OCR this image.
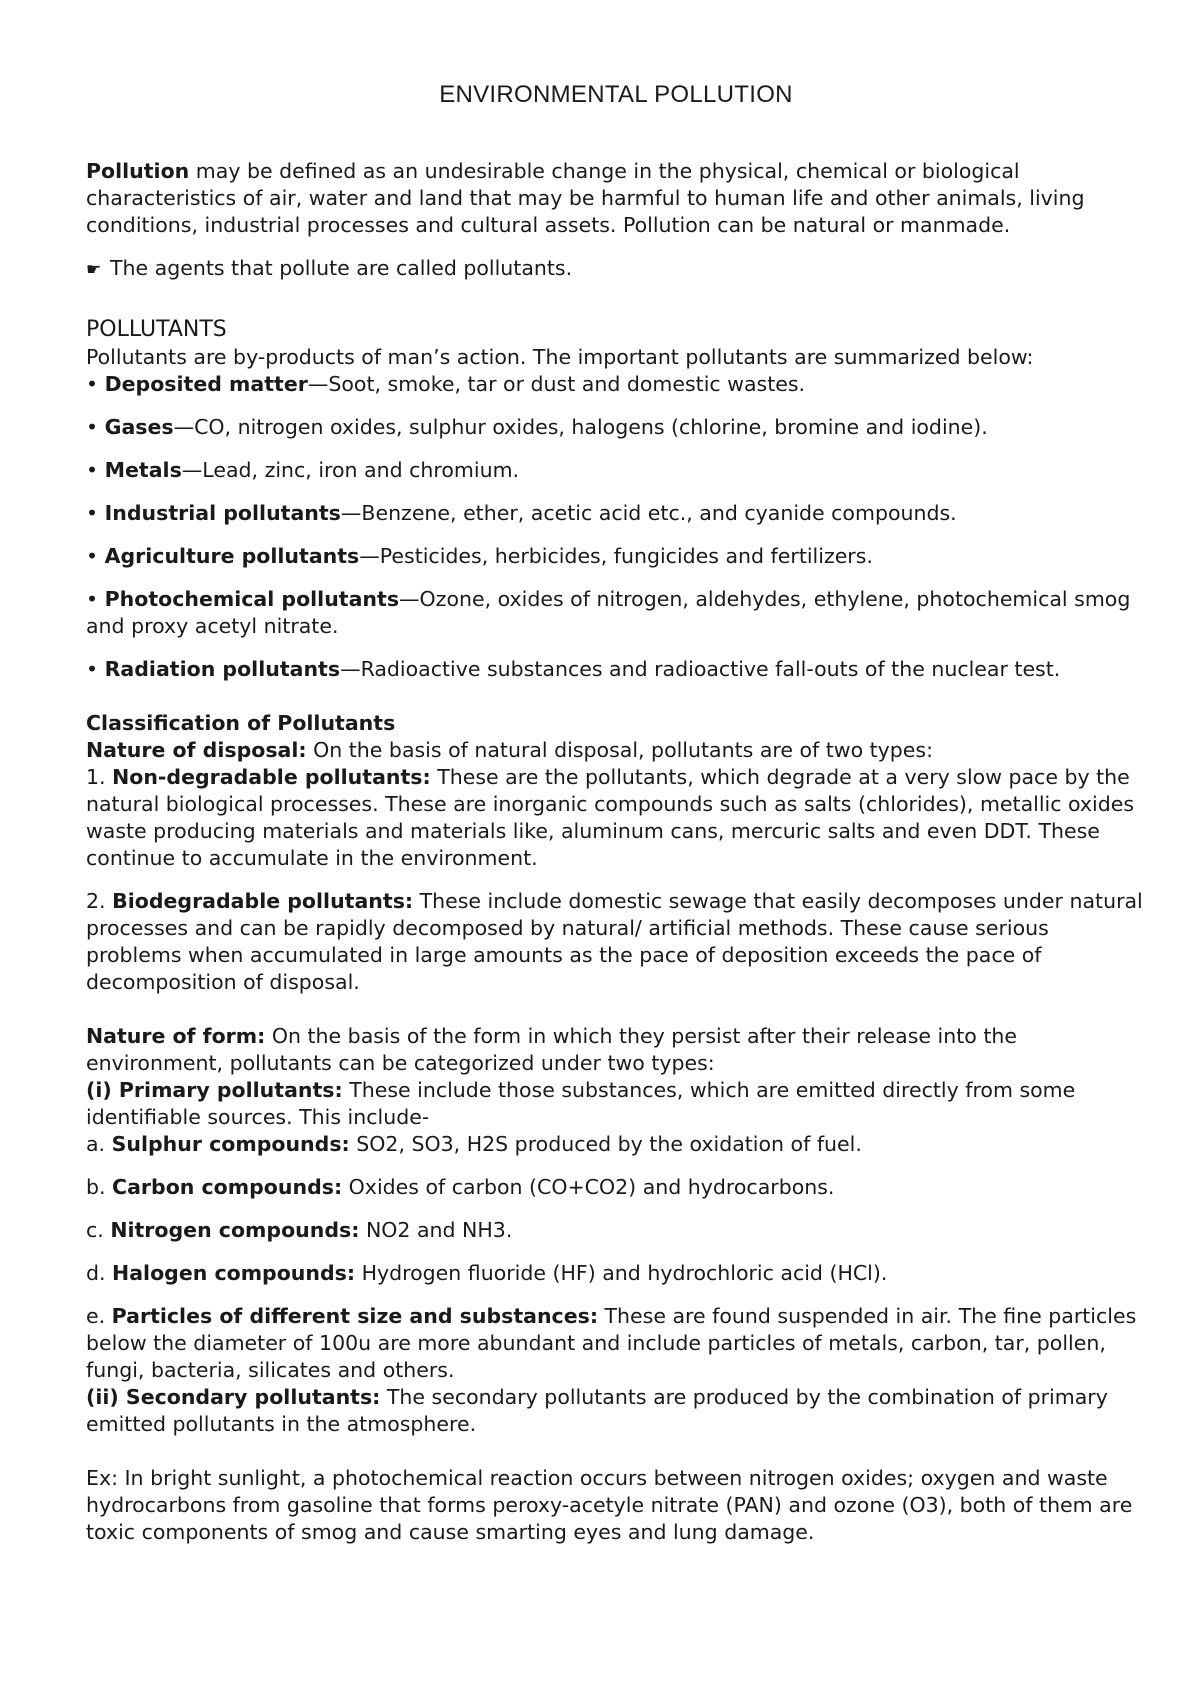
ENVIRONMENTAL POLLUTION

Pollution may be defined as an undesirable change in the physical, chemical or biological characteristics of air, water and land that may be harmful to human life and other animals, living conditions, industrial processes and cultural assets. Pollution can be natural or manmade.

☛ The agents that pollute are called pollutants.

POLLUTANTS

Pollutants are by-products of man’s action. The important pollutants are summarized below:

• Deposited matter—Soot, smoke, tar or dust and domestic wastes.

• Gases—CO, nitrogen oxides, sulphur oxides, halogens (chlorine, bromine and iodine).

• Metals—Lead, zinc, iron and chromium.

• Industrial pollutants—Benzene, ether, acetic acid etc., and cyanide compounds.

• Agriculture pollutants—Pesticides, herbicides, fungicides and fertilizers.

• Photochemical pollutants—Ozone, oxides of nitrogen, aldehydes, ethylene, photochemical smog and proxy acetyl nitrate.

• Radiation pollutants—Radioactive substances and radioactive fall-outs of the nuclear test.

Classification of Pollutants

Nature of disposal: On the basis of natural disposal, pollutants are of two types:

1. Non-degradable pollutants: These are the pollutants, which degrade at a very slow pace by the natural biological processes. These are inorganic compounds such as salts (chlorides), metallic oxides waste producing materials and materials like, aluminum cans, mercuric salts and even DDT. These continue to accumulate in the environment.

2. Biodegradable pollutants: These include domestic sewage that easily decomposes under natural processes and can be rapidly decomposed by natural/ artificial methods. These cause serious problems when accumulated in large amounts as the pace of deposition exceeds the pace of decomposition of disposal.

Nature of form: On the basis of the form in which they persist after their release into the environment, pollutants can be categorized under two types:

(i) Primary pollutants: These include those substances, which are emitted directly from some identifiable sources. This include-

a. Sulphur compounds: SO2, SO3, H2S produced by the oxidation of fuel.

b. Carbon compounds: Oxides of carbon (CO+CO2) and hydrocarbons.

c. Nitrogen compounds: NO2 and NH3.

d. Halogen compounds: Hydrogen fluoride (HF) and hydrochloric acid (HCl).

e. Particles of different size and substances: These are found suspended in air. The fine particles below the diameter of 100u are more abundant and include particles of metals, carbon, tar, pollen, fungi, bacteria, silicates and others.

(ii) Secondary pollutants: The secondary pollutants are produced by the combination of primary emitted pollutants in the atmosphere.

Ex: In bright sunlight, a photochemical reaction occurs between nitrogen oxides; oxygen and waste hydrocarbons from gasoline that forms peroxy-acetyle nitrate (PAN) and ozone (O3), both of them are toxic components of smog and cause smarting eyes and lung damage.
